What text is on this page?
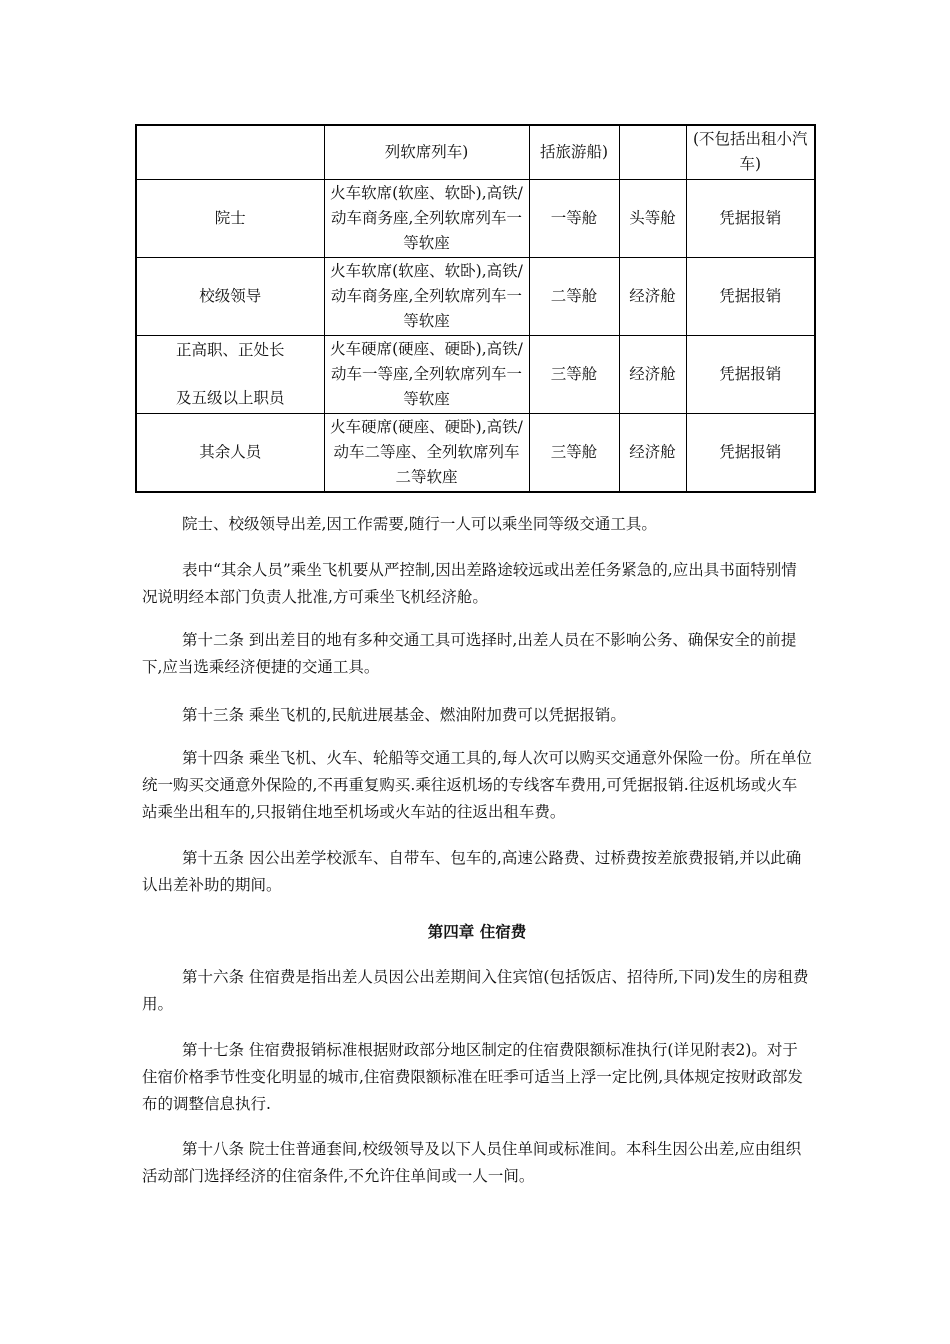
	列软席列车)	括旅游船)		(不包括出租小汽车)
院士	火车软席(软座、软卧),高铁/动车商务座,全列软席列车一等软座	一等舱	头等舱	凭据报销
校级领导	火车软席(软座、软卧),高铁/动车商务座,全列软席列车一等软座	二等舱	经济舱	凭据报销
正高职、正处长
及五级以上职员	火车硬席(硬座、硬卧),高铁/动车一等座,全列软席列车一等软座	三等舱	经济舱	凭据报销
其余人员	火车硬席(硬座、硬卧),高铁/动车二等座、全列软席列车二等软座	三等舱	经济舱	凭据报销

院士、校级领导出差,因工作需要,随行一人可以乘坐同等级交通工具。

表中“其余人员”乘坐飞机要从严控制,因出差路途较远或出差任务紧急的,应出具书面特别情况说明经本部门负责人批准,方可乘坐飞机经济舱。

第十二条 到出差目的地有多种交通工具可选择时,出差人员在不影响公务、确保安全的前提下,应当选乘经济便捷的交通工具。

第十三条 乘坐飞机的,民航进展基金、燃油附加费可以凭据报销。

第十四条 乘坐飞机、火车、轮船等交通工具的,每人次可以购买交通意外保险一份。所在单位统一购买交通意外保险的,不再重复购买.乘往返机场的专线客车费用,可凭据报销.往返机场或火车站乘坐出租车的,只报销住地至机场或火车站的往返出租车费。

第十五条 因公出差学校派车、自带车、包车的,高速公路费、过桥费按差旅费报销,并以此确认出差补助的期间。

第四章 住宿费

第十六条 住宿费是指出差人员因公出差期间入住宾馆(包括饭店、招待所,下同)发生的房租费用。

第十七条 住宿费报销标准根据财政部分地区制定的住宿费限额标准执行(详见附表2)。对于住宿价格季节性变化明显的城市,住宿费限额标准在旺季可适当上浮一定比例,具体规定按财政部发布的调整信息执行.

第十八条 院士住普通套间,校级领导及以下人员住单间或标准间。本科生因公出差,应由组织活动部门选择经济的住宿条件,不允许住单间或一人一间。
